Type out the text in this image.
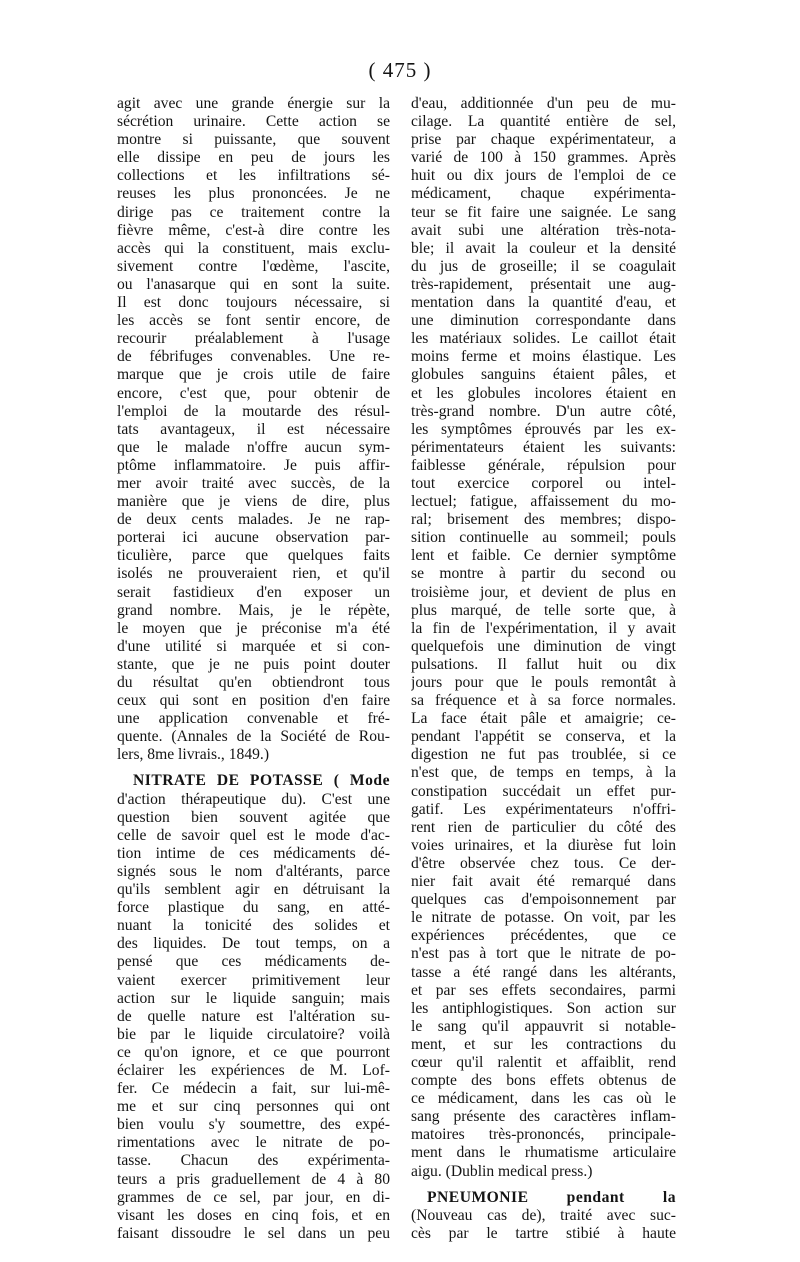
( 475 )
agit avec une grande énergie sur la
sécrétion urinaire. Cette action se
montre si puissante, que souvent
elle dissipe en peu de jours les
collections et les infiltrations sé-
reuses les plus prononcées. Je ne
dirige pas ce traitement contre la
fièvre même, c'est-à dire contre les
accès qui la constituent, mais exclu-
sivement contre l'œdème, l'ascite,
ou l'anasarque qui en sont la suite.
Il est donc toujours nécessaire, si
les accès se font sentir encore, de
recourir préalablement à l'usage
de fébrifuges convenables. Une re-
marque que je crois utile de faire
encore, c'est que, pour obtenir de
l'emploi de la moutarde des résul-
tats avantageux, il est nécessaire
que le malade n'offre aucun sym-
ptôme inflammatoire. Je puis affir-
mer avoir traité avec succès, de la
manière que je viens de dire, plus
de deux cents malades. Je ne rap-
porterai ici aucune observation par-
ticulière, parce que quelques faits
isolés ne prouveraient rien, et qu'il
serait fastidieux d'en exposer un
grand nombre. Mais, je le répète,
le moyen que je préconise m'a été
d'une utilité si marquée et si con-
stante, que je ne puis point douter
du résultat qu'en obtiendront tous
ceux qui sont en position d'en faire
une application convenable et fré-
quente. (Annales de la Société de Rou-
lers, 8me livrais., 1849.)
NITRATE DE POTASSE ( Mode
d'action thérapeutique du). C'est une
question bien souvent agitée que
celle de savoir quel est le mode d'ac-
tion intime de ces médicaments dé-
signés sous le nom d'altérants, parce
qu'ils semblent agir en détruisant la
force plastique du sang, en atté-
nuant la tonicité des solides et
des liquides. De tout temps, on a
pensé que ces médicaments de-
vaient exercer primitivement leur
action sur le liquide sanguin; mais
de quelle nature est l'altération su-
bie par le liquide circulatoire? voilà
ce qu'on ignore, et ce que pourront
éclairer les expériences de M. Lof-
fer. Ce médecin a fait, sur lui-mê-
me et sur cinq personnes qui ont
bien voulu s'y soumettre, des expé-
rimentations avec le nitrate de po-
tasse. Chacun des expérimenta-
teurs a pris graduellement de 4 à 80
grammes de ce sel, par jour, en di-
visant les doses en cinq fois, et en
faisant dissoudre le sel dans un peu
d'eau, additionnée d'un peu de mu-
cilage. La quantité entière de sel,
prise par chaque expérimentateur, a
varié de 100 à 150 grammes. Après
huit ou dix jours de l'emploi de ce
médicament, chaque expérimenta-
teur se fit faire une saignée. Le sang
avait subi une altération très-nota-
ble; il avait la couleur et la densité
du jus de groseille; il se coagulait
très-rapidement, présentait une aug-
mentation dans la quantité d'eau, et
une diminution correspondante dans
les matériaux solides. Le caillot était
moins ferme et moins élastique. Les
globules sanguins étaient pâles, et
et les globules incolores étaient en
très-grand nombre. D'un autre côté,
les symptômes éprouvés par les ex-
périmentateurs étaient les suivants:
faiblesse générale, répulsion pour
tout exercice corporel ou intel-
lectuel; fatigue, affaissement du mo-
ral; brisement des membres; dispo-
sition continuelle au sommeil; pouls
lent et faible. Ce dernier symptôme
se montre à partir du second ou
troisième jour, et devient de plus en
plus marqué, de telle sorte que, à
la fin de l'expérimentation, il y avait
quelquefois une diminution de vingt
pulsations. Il fallut huit ou dix
jours pour que le pouls remontât à
sa fréquence et à sa force normales.
La face était pâle et amaigrie; ce-
pendant l'appétit se conserva, et la
digestion ne fut pas troublée, si ce
n'est que, de temps en temps, à la
constipation succédait un effet pur-
gatif. Les expérimentateurs n'offri-
rent rien de particulier du côté des
voies urinaires, et la diurèse fut loin
d'être observée chez tous. Ce der-
nier fait avait été remarqué dans
quelques cas d'empoisonnement par
le nitrate de potasse. On voit, par les
expériences précédentes, que ce
n'est pas à tort que le nitrate de po-
tasse a été rangé dans les altérants,
et par ses effets secondaires, parmi
les antiphlogistiques. Son action sur
le sang qu'il appauvrit si notable-
ment, et sur les contractions du
cœur qu'il ralentit et affaiblit, rend
compte des bons effets obtenus de
ce médicament, dans les cas où le
sang présente des caractères inflam-
matoires très-prononcés, principale-
ment dans le rhumatisme articulaire
aigu. (Dublin medical press.)
PNEUMONIE pendant la
(Nouveau cas de), traité avec suc-
cès par le tartre stibié à haute
